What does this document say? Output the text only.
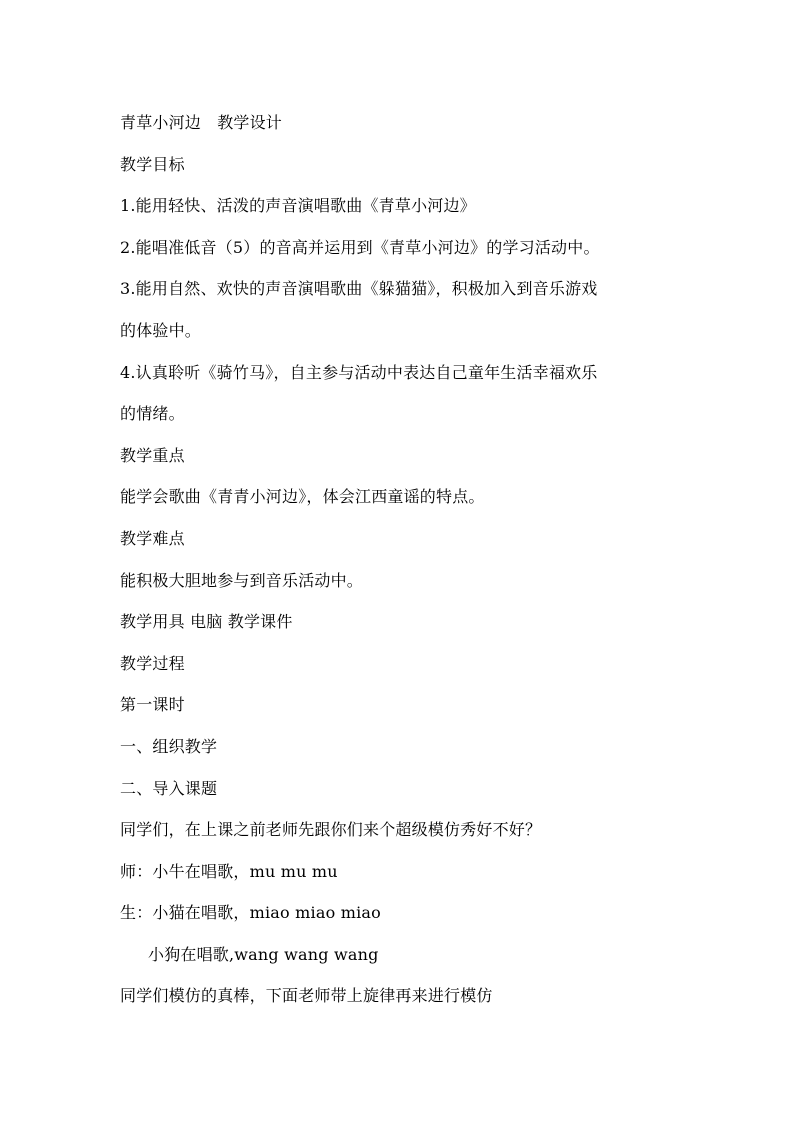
青草小河边　教学设计
教学目标
1.能用轻快、活泼的声音演唱歌曲《青草小河边》
2.能唱准低音（5）的音高并运用到《青草小河边》的学习活动中。
3.能用自然、欢快的声音演唱歌曲《躲猫猫》，积极加入到音乐游戏
的体验中。
4.认真聆听《骑竹马》，自主参与活动中表达自己童年生活幸福欢乐
的情绪。
教学重点
能学会歌曲《青青小河边》，体会江西童谣的特点。
教学难点
能积极大胆地参与到音乐活动中。
教学用具 电脑 教学课件
教学过程
第一课时
一、组织教学
二、导入课题
同学们，在上课之前老师先跟你们来个超级模仿秀好不好？
师：小牛在唱歌，mu mu mu
生：小猫在唱歌，miao miao miao
小狗在唱歌,wang wang wang
同学们模仿的真棒，下面老师带上旋律再来进行模仿
